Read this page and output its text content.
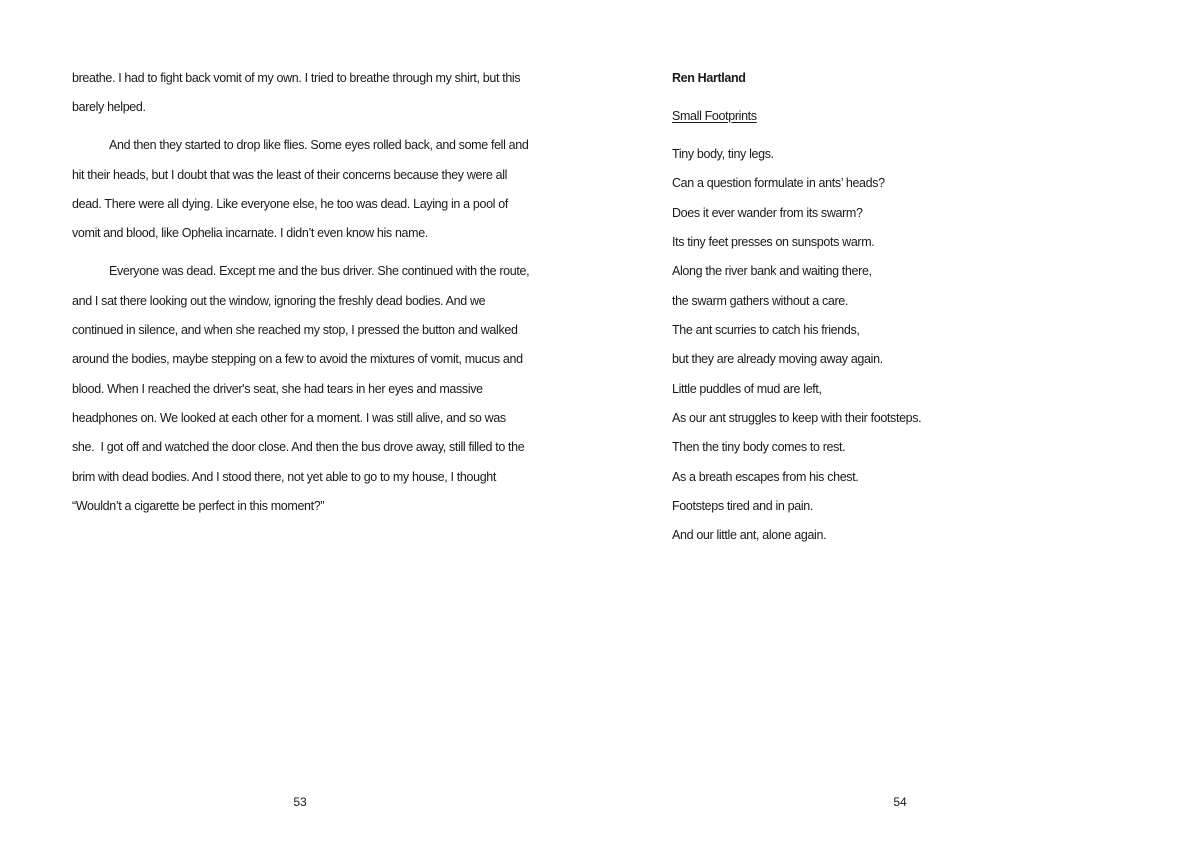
breathe. I had to fight back vomit of my own. I tried to breathe through my shirt, but this
barely helped.

And then they started to drop like flies. Some eyes rolled back, and some fell and
hit their heads, but I doubt that was the least of their concerns because they were all
dead. There were all dying. Like everyone else, he too was dead. Laying in a pool of
vomit and blood, like Ophelia incarnate. I didn’t even know his name.

Everyone was dead. Except me and the bus driver. She continued with the route,
and I sat there looking out the window, ignoring the freshly dead bodies. And we
continued in silence, and when she reached my stop, I pressed the button and walked
around the bodies, maybe stepping on a few to avoid the mixtures of vomit, mucus and
blood. When I reached the driver's seat, she had tears in her eyes and massive
headphones on. We looked at each other for a moment. I was still alive, and so was
she.  I got off and watched the door close. And then the bus drove away, still filled to the
brim with dead bodies. And I stood there, not yet able to go to my house, I thought
“Wouldn’t a cigarette be perfect in this moment?”

53
Ren Hartland
Small Footprints
Tiny body, tiny legs.
Can a question formulate in ants’ heads?
Does it ever wander from its swarm?
Its tiny feet presses on sunspots warm.
Along the river bank and waiting there,
the swarm gathers without a care.
The ant scurries to catch his friends,
but they are already moving away again.
Little puddles of mud are left,
As our ant struggles to keep with their footsteps.
Then the tiny body comes to rest.
As a breath escapes from his chest.
Footsteps tired and in pain.
And our little ant, alone again.
54
